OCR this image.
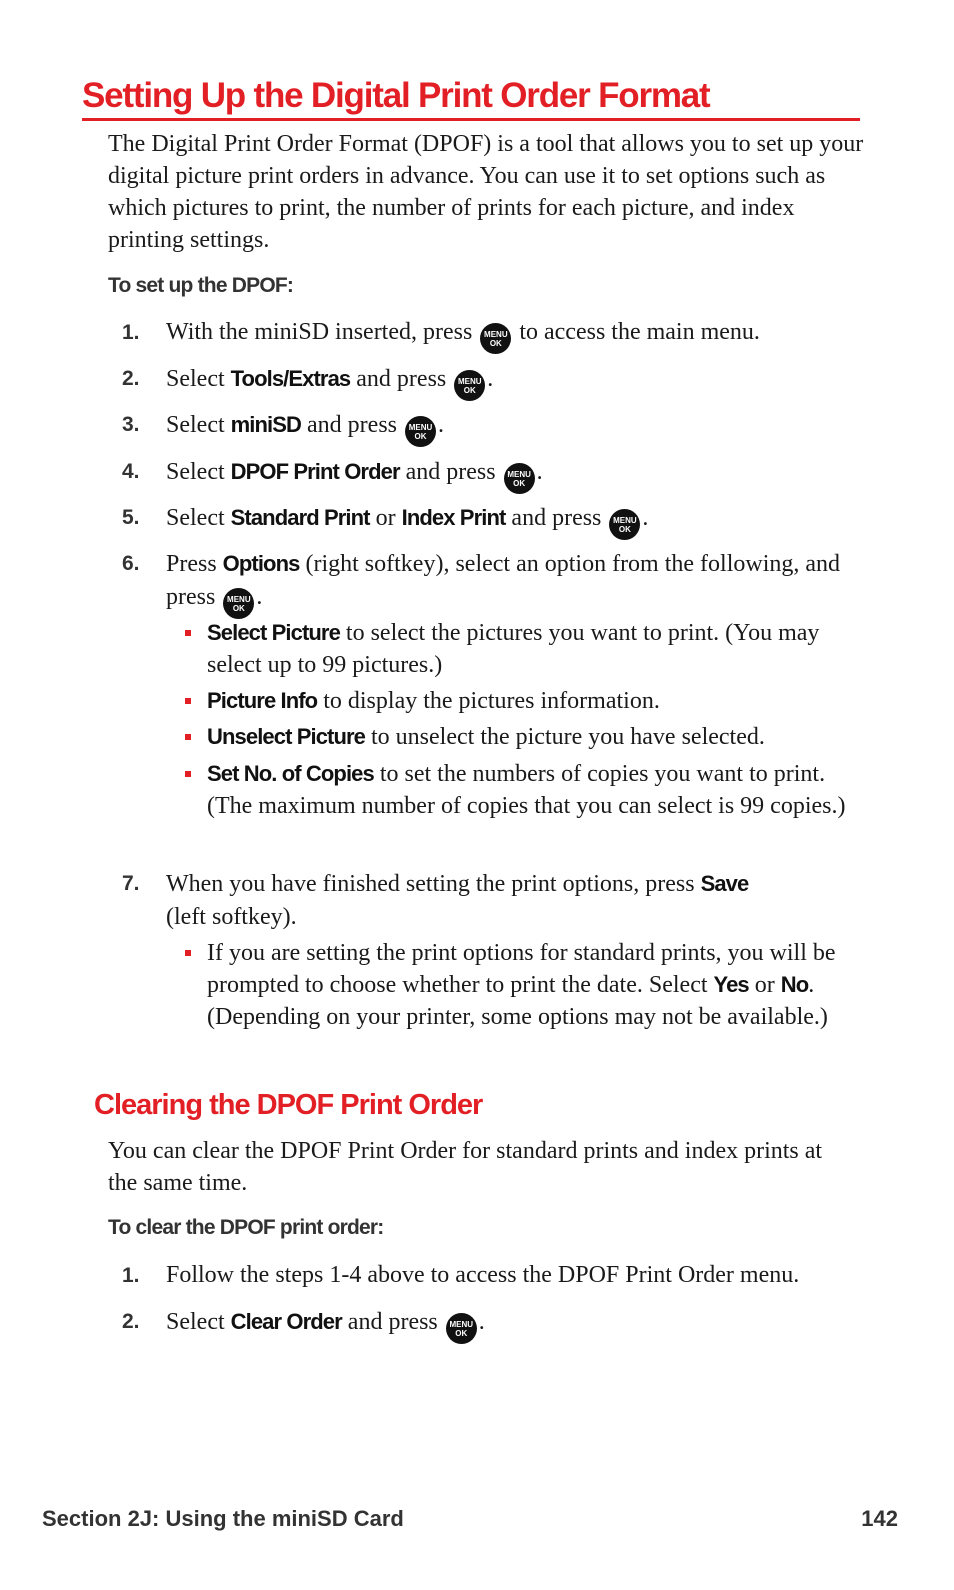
Setting Up the Digital Print Order Format
The Digital Print Order Format (DPOF) is a tool that allows you to set up your digital picture print orders in advance. You can use it to set options such as which pictures to print, the number of prints for each picture, and index printing settings.
To set up the DPOF:
1. With the miniSD inserted, press	MENU
OK to access the main menu.
2. Select Tools/Extras and press	MENU
OK .
3. Select miniSD and press	MENU
OK .
4. Select DPOF Print Order and press	MENU
OK .
5. Select Standard Print or Index Print and press	MENU
OK .
6. Press Options (right softkey), select an option from the following, and press	MENU
OK .
Select Picture to select the pictures you want to print. (You may select up to 99 pictures.)
Picture Info to display the pictures information.
Unselect Picture to unselect the picture you have selected.
Set No. of Copies to set the numbers of copies you want to print. (The maximum number of copies that you can select is 99 copies.)
7. When you have finished setting the print options, press Save (left softkey).
If you are setting the print options for standard prints, you will be prompted to choose whether to print the date. Select Yes or No. (Depending on your printer, some options may not be available.)
Clearing the DPOF Print Order
You can clear the DPOF Print Order for standard prints and index prints at the same time.
To clear the DPOF print order:
1. Follow the steps 1-4 above to access the DPOF Print Order menu.
2. Select Clear Order and press	MENU
OK .
Section 2J: Using the miniSD Card	142
